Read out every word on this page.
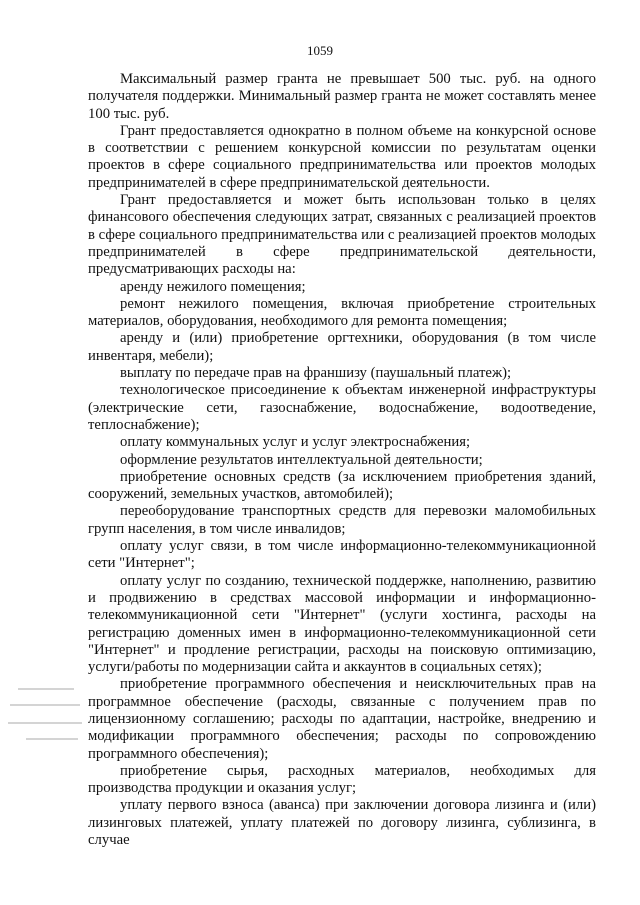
1059

Максимальный размер гранта не превышает 500 тыс. руб. на одного получателя поддержки. Минимальный размер гранта не может составлять менее 100 тыс. руб.

Грант предоставляется однократно в полном объеме на конкурсной основе в соответствии с решением конкурсной комиссии по результатам оценки проектов в сфере социального предпринимательства или проектов молодых предпринимателей в сфере предпринимательской деятельности.

Грант предоставляется и может быть использован только в целях финансового обеспечения следующих затрат, связанных с реализацией проектов в сфере социального предпринимательства или с реализацией проектов молодых предпринимателей в сфере предпринимательской деятельности, предусматривающих расходы на:

аренду нежилого помещения;

ремонт нежилого помещения, включая приобретение строительных материалов, оборудования, необходимого для ремонта помещения;

аренду и (или) приобретение оргтехники, оборудования (в том числе инвентаря, мебели);

выплату по передаче прав на франшизу (паушальный платеж);

технологическое присоединение к объектам инженерной инфраструктуры (электрические сети, газоснабжение, водоснабжение, водоотведение, теплоснабжение);

оплату коммунальных услуг и услуг электроснабжения;

оформление результатов интеллектуальной деятельности;

приобретение основных средств (за исключением приобретения зданий, сооружений, земельных участков, автомобилей);

переоборудование транспортных средств для перевозки маломобильных групп населения, в том числе инвалидов;

оплату услуг связи, в том числе информационно-телекоммуникационной сети "Интернет";

оплату услуг по созданию, технической поддержке, наполнению, развитию и продвижению в средствах массовой информации и информационно-телекоммуникационной сети "Интернет" (услуги хостинга, расходы на регистрацию доменных имен в информационно-телекоммуникационной сети "Интернет" и продление регистрации, расходы на поисковую оптимизацию, услуги/работы по модернизации сайта и аккаунтов в социальных сетях);

приобретение программного обеспечения и неисключительных прав на программное обеспечение (расходы, связанные с получением прав по лицензионному соглашению; расходы по адаптации, настройке, внедрению и модификации программного обеспечения; расходы по сопровождению программного обеспечения);

приобретение сырья, расходных материалов, необходимых для производства продукции и оказания услуг;

уплату первого взноса (аванса) при заключении договора лизинга и (или) лизинговых платежей, уплату платежей по договору лизинга, сублизинга, в случае
